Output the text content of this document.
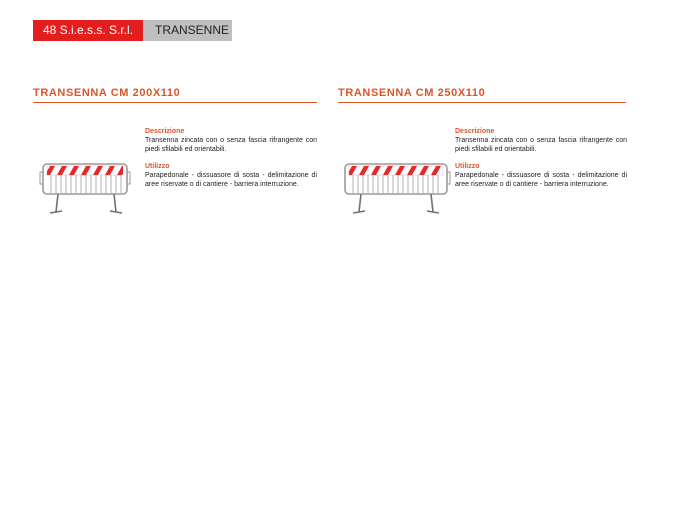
48 S.i.e.s.s. S.r.l.	TRANSENNE
TRANSENNA CM 200X110

Descrizione

Transenna zincata con o senza fascia rifrangente con piedi sfilabili ed orientabili.

Utilizzo

Parapedonale - dissuasore di sosta - delimitazione di aree riservate o di cantiere - barriera interruzione.

TRANSENNA CM 250X110

Descrizione

Transenna zincata con o senza fascia rifrangente con piedi sfilabili ed orientabili.

Utilizzo

Parapedonale - dissuasore di sosta - delimitazione di aree riservate o di cantiere - barriera interruzione.
